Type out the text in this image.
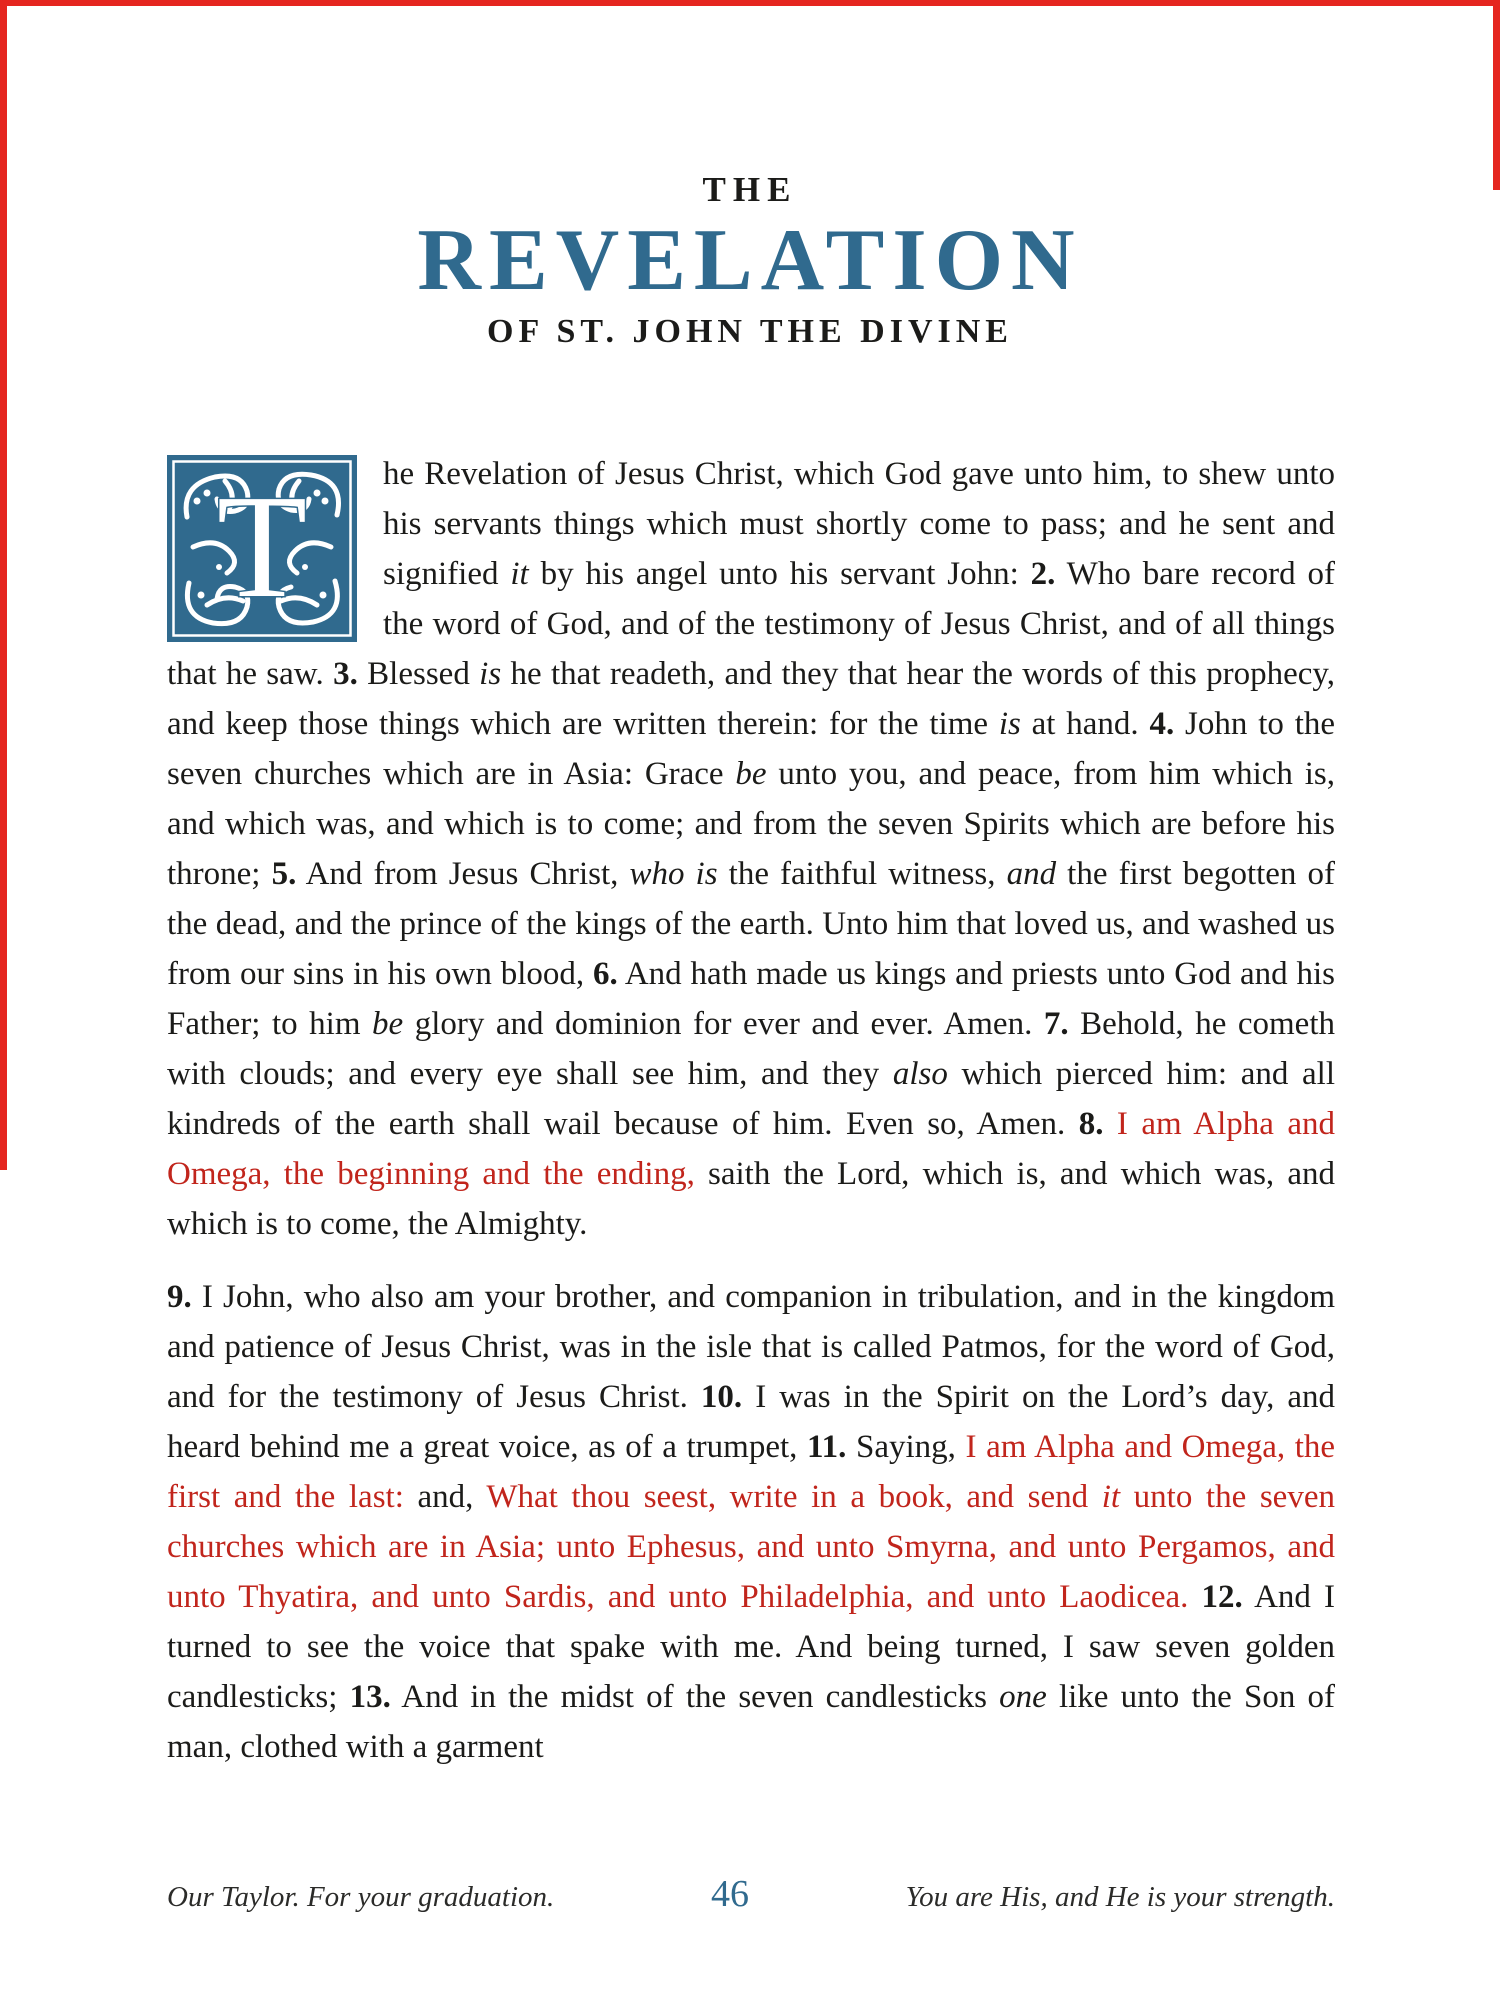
THE
REVELATION
OF ST. JOHN THE DIVINE

T he Revelation of Jesus Christ, which God gave unto him, to shew unto his servants things which must shortly come to pass; and he sent and signified it by his angel unto his servant John: 2. Who bare record of the word of God, and of the testimony of Jesus Christ, and of all things that he saw. 3. Blessed is he that readeth, and they that hear the words of this prophecy, and keep those things which are written therein: for the time is at hand. 4. John to the seven churches which are in Asia: Grace be unto you, and peace, from him which is, and which was, and which is to come; and from the seven Spirits which are before his throne; 5. And from Jesus Christ, who is the faithful witness, and the first begotten of the dead, and the prince of the kings of the earth. Unto him that loved us, and washed us from our sins in his own blood, 6. And hath made us kings and priests unto God and his Father; to him be glory and dominion for ever and ever. Amen. 7. Behold, he cometh with clouds; and every eye shall see him, and they also which pierced him: and all kindreds of the earth shall wail because of him. Even so, Amen. 8. I am Alpha and Omega, the beginning and the ending, saith the Lord, which is, and which was, and which is to come, the Almighty.

9. I John, who also am your brother, and companion in tribulation, and in the kingdom and patience of Jesus Christ, was in the isle that is called Patmos, for the word of God, and for the testimony of Jesus Christ. 10. I was in the Spirit on the Lord’s day, and heard behind me a great voice, as of a trumpet, 11. Saying, I am Alpha and Omega, the first and the last: and, What thou seest, write in a book, and send it unto the seven churches which are in Asia; unto Ephesus, and unto Smyrna, and unto Pergamos, and unto Thyatira, and unto Sardis, and unto Philadelphia, and unto Laodicea. 12. And I turned to see the voice that spake with me. And being turned, I saw seven golden candlesticks; 13. And in the midst of the seven candlesticks one like unto the Son of man, clothed with a garment

Our Taylor. For your graduation.	46	You are His, and He is your strength.
